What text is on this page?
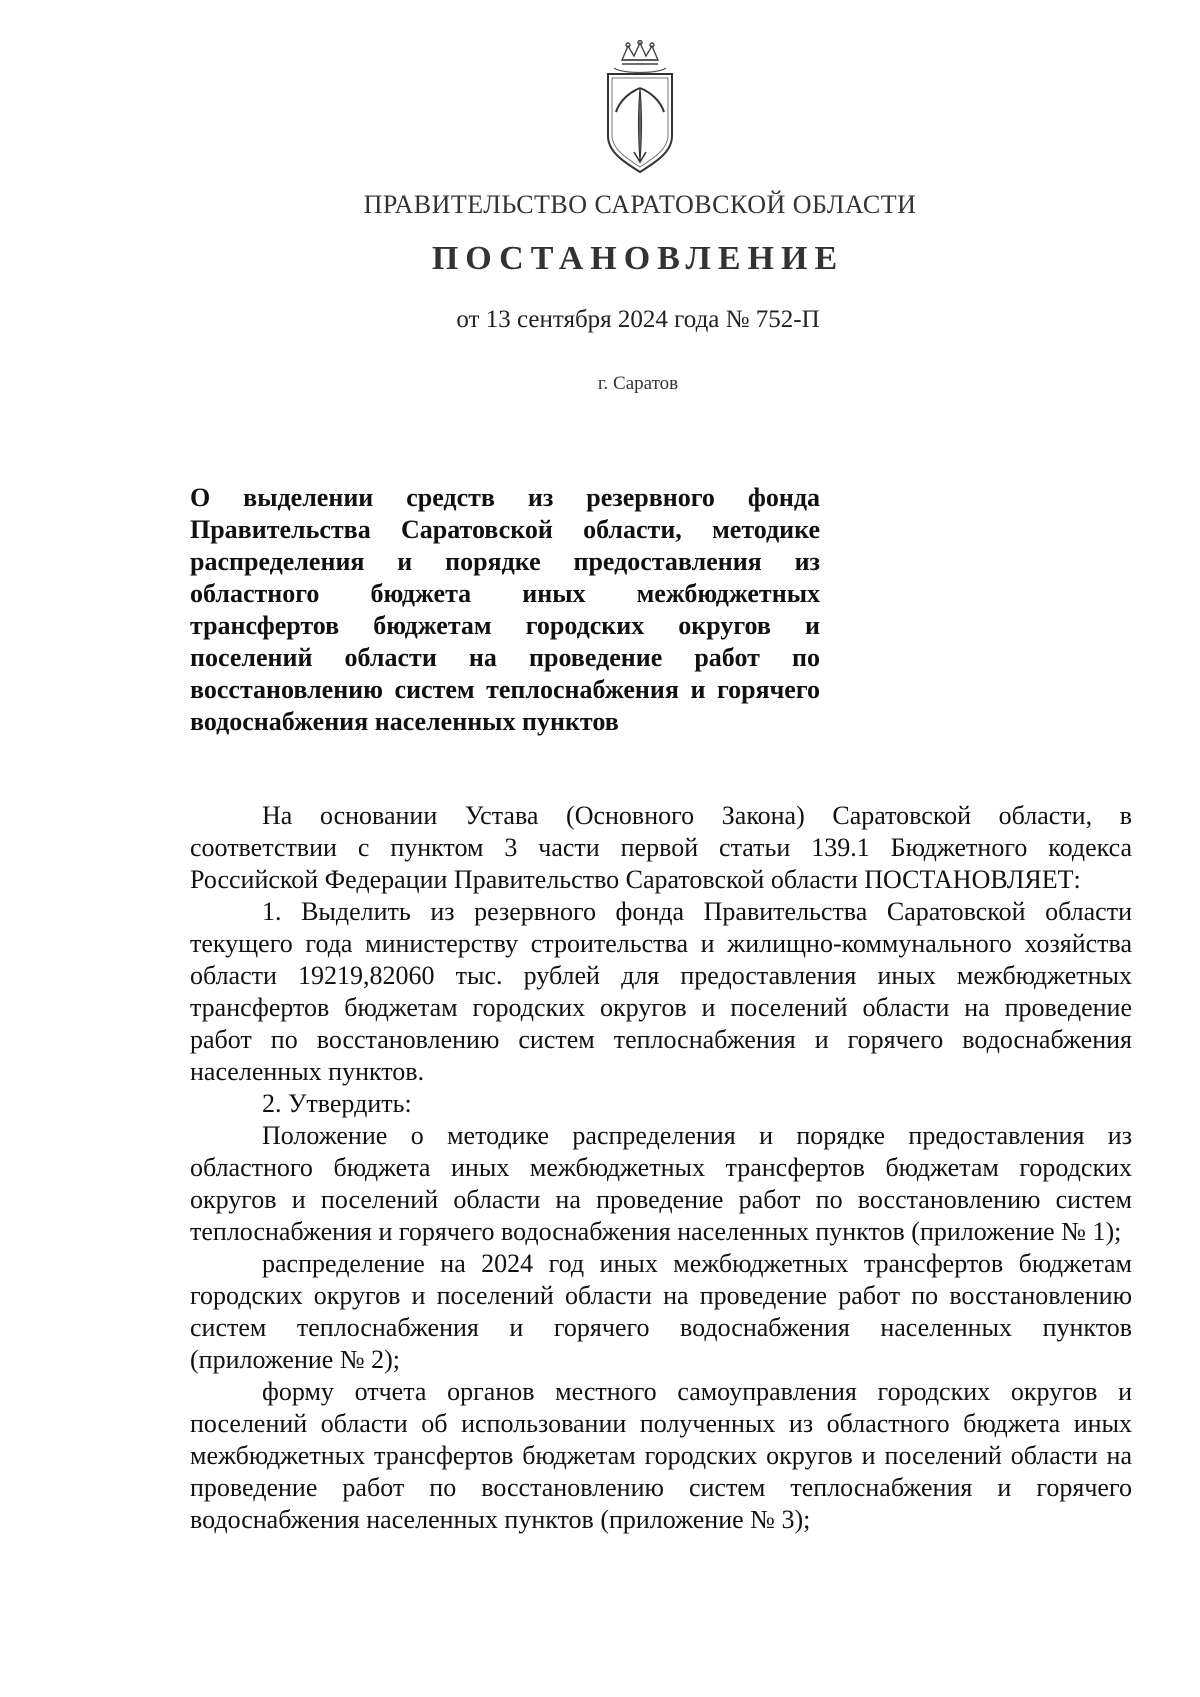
ПРАВИТЕЛЬСТВО САРАТОВСКОЙ ОБЛАСТИ
ПОСТАНОВЛЕНИЕ
от 13 сентября 2024 года № 752-П
г. Саратов
О выделении средств из резервного фонда Правительства Саратовской области, методике распределения и порядке предоставления из областного бюджета иных межбюджетных трансфертов бюджетам городских округов и поселений области на проведение работ по восстановлению систем теплоснабжения и горячего водоснабжения населенных пунктов

На основании Устава (Основного Закона) Саратовской области, в соответствии с пунктом 3 части первой статьи 139.1 Бюджетного кодекса Российской Федерации Правительство Саратовской области ПОСТАНОВЛЯЕТ:

1. Выделить из резервного фонда Правительства Саратовской области текущего года министерству строительства и жилищно-коммунального хозяйства области 19219,82060 тыс. рублей для предоставления иных межбюджетных трансфертов бюджетам городских округов и поселений области на проведение работ по восстановлению систем теплоснабжения и горячего водоснабжения населенных пунктов.

2. Утвердить:

Положение о методике распределения и порядке предоставления из областного бюджета иных межбюджетных трансфертов бюджетам городских округов и поселений области на проведение работ по восстановлению систем теплоснабжения и горячего водоснабжения населенных пунктов (приложение № 1);

распределение на 2024 год иных межбюджетных трансфертов бюджетам городских округов и поселений области на проведение работ по восстановлению систем теплоснабжения и горячего водоснабжения населенных пунктов (приложение № 2);

форму отчета органов местного самоуправления городских округов и поселений области об использовании полученных из областного бюджета иных межбюджетных трансфертов бюджетам городских округов и поселений области на проведение работ по восстановлению систем теплоснабжения и горячего водоснабжения населенных пунктов (приложение № 3);
